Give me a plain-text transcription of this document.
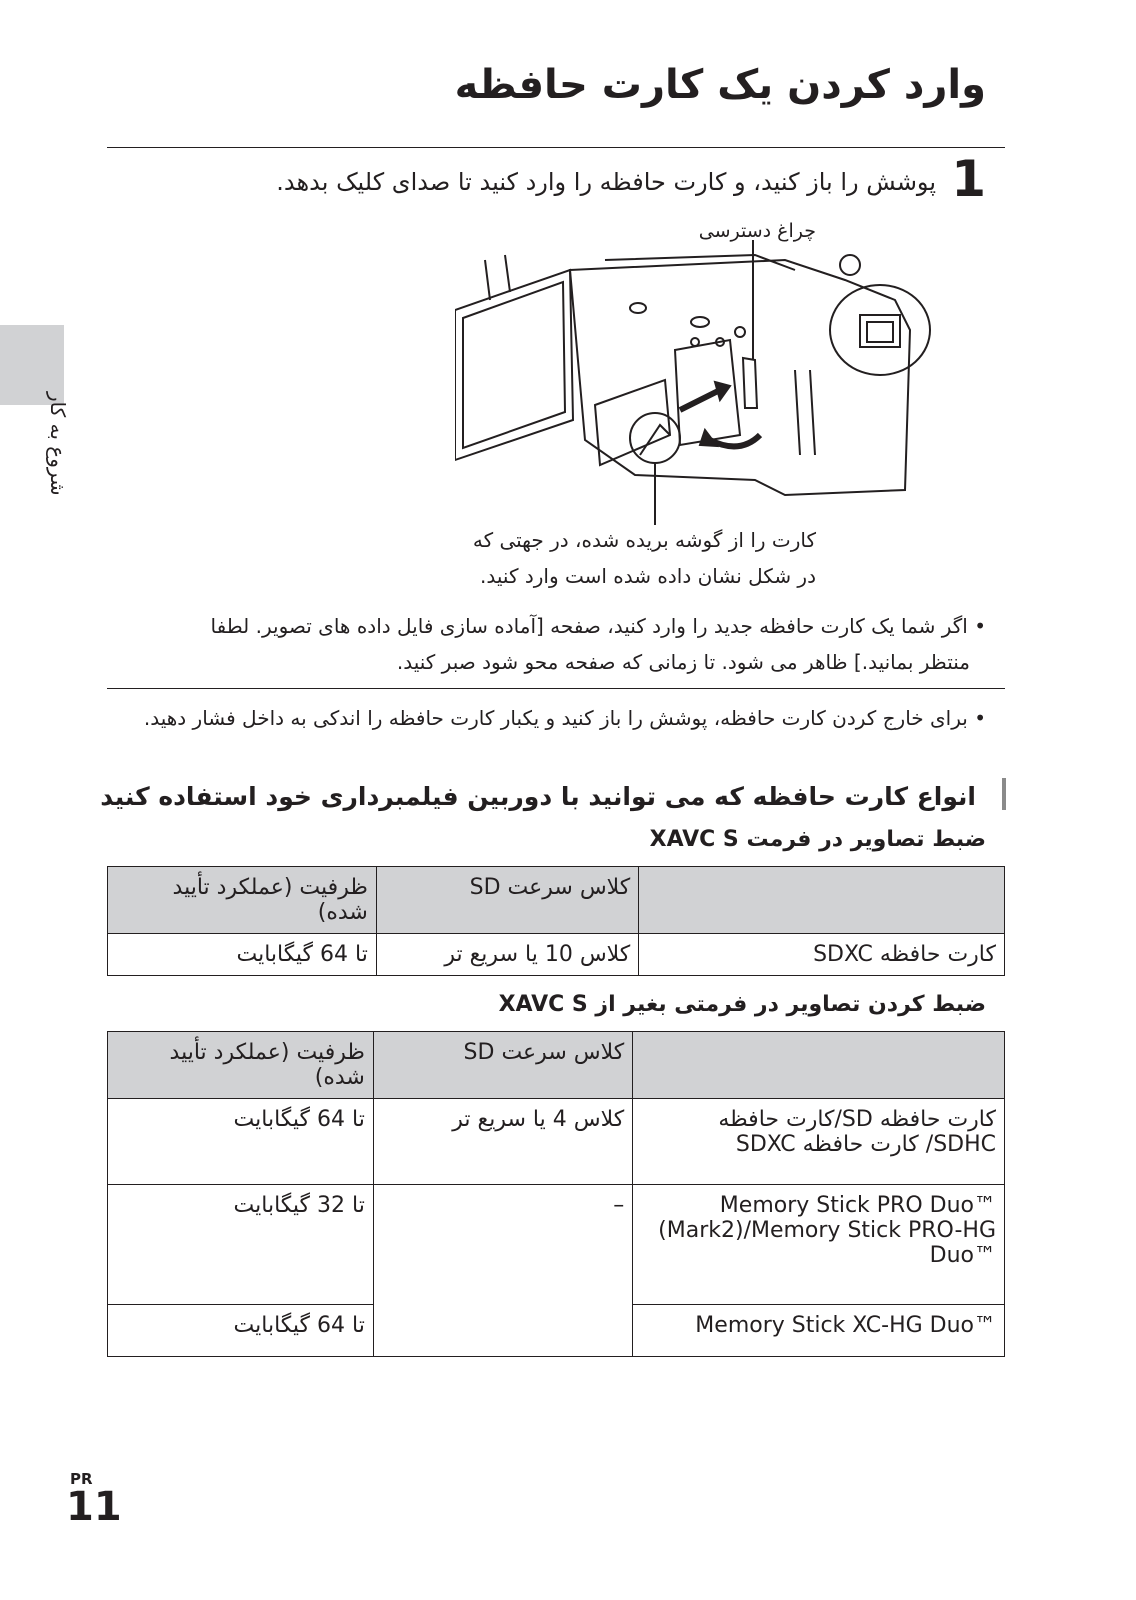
وارد کردن یک کارت حافظه
شروع به کار
1
پوشش را باز کنید، و کارت حافظه را وارد کنید تا صدای کلیک بدهد.
چراغ دسترسی
کارت را از گوشه بریده شده، در جهتی که
در شکل نشان داده شده است وارد کنید.
• اگر شما یک کارت حافظه جدید را وارد کنید، صفحه [آماده سازی فایل داده های تصویر. لطفا
منتظر بمانید.] ظاهر می شود. تا زمانی که صفحه محو شود صبر کنید.
• برای خارج کردن کارت حافظه، پوشش را باز کنید و یکبار کارت حافظه را اندکی به داخل فشار دهید.
انواع کارت حافظه که می توانید با دوربین فیلمبرداری خود استفاده کنید
ضبط تصاویر در فرمت XAVC S
	کلاس سرعت SD	ظرفیت (عملکرد تأیید شده)
کارت حافظه SDXC	کلاس 10 یا سریع تر	تا 64 گیگابایت
ضبط کردن تصاویر در فرمتی بغیر از XAVC S
	کلاس سرعت SD	ظرفیت (عملکرد تأیید شده)
کارت حافظه SD/کارت حافظه SDHC/ کارت حافظه SDXC	کلاس 4 یا سریع تر	تا 64 گیگابایت

Memory Stick PRO Duo™ (Mark2)/Memory Stick PRO-HG Duo™	–	تا 32 گیگابایت

Memory Stick XC-HG Duo™		تا 64 گیگابایت
PR
11
